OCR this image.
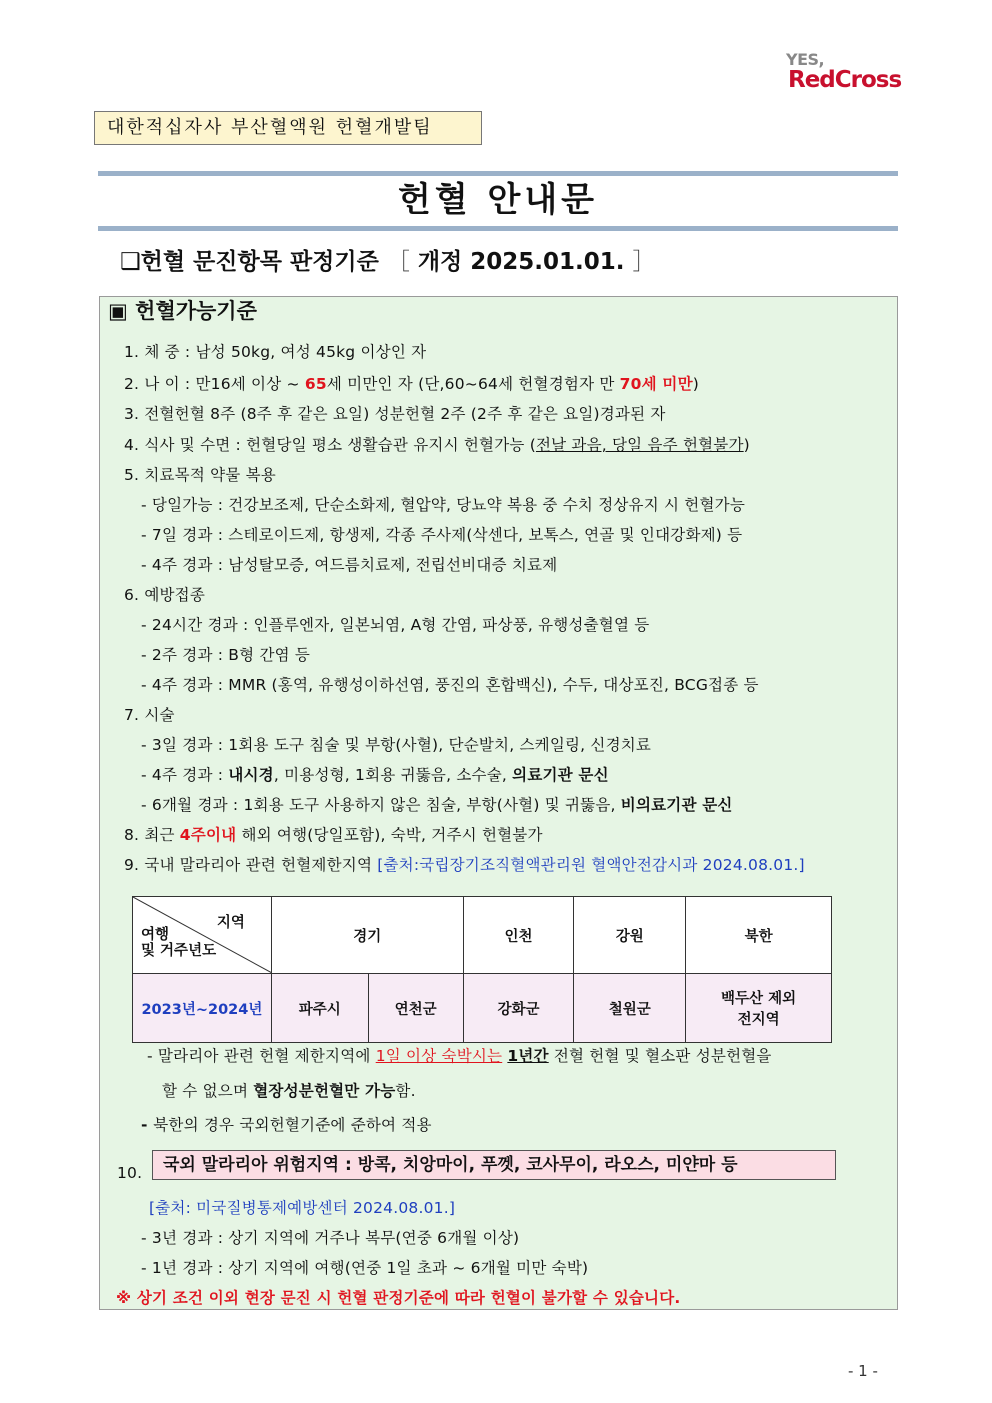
YES,
RedCross
대한적십자사 부산혈액원 헌혈개발팀
헌혈 안내문
❑헌혈 문진항목 판정기준 ［ 개정 2025.01.01. ］
▣ 헌혈가능기준
1. 체 중 : 남성 50kg, 여성 45kg 이상인 자
2. 나 이 : 만16세 이상 ~ 65세 미만인 자 (단,60~64세 헌혈경험자 만 70세 미만)
3. 전혈헌혈 8주 (8주 후 같은 요일) 성분헌혈 2주 (2주 후 같은 요일)경과된 자
4. 식사 및 수면 : 헌혈당일 평소 생활습관 유지시 헌혈가능 (전날 과음, 당일 음주 헌혈불가)
5. 치료목적 약물 복용
- 당일가능 : 건강보조제, 단순소화제, 혈압약, 당뇨약 복용 중 수치 정상유지 시 헌혈가능
- 7일 경과 : 스테로이드제, 항생제, 각종 주사제(삭센다, 보톡스, 연골 및 인대강화제) 등
- 4주 경과 : 남성탈모증, 여드름치료제, 전립선비대증 치료제
6. 예방접종
- 24시간 경과 : 인플루엔자, 일본뇌염, A형 간염, 파상풍, 유행성출혈열 등
- 2주 경과 : B형 간염 등
- 4주 경과 : MMR (홍역, 유행성이하선염, 풍진의 혼합백신), 수두, 대상포진, BCG접종 등
7. 시술
- 3일 경과 : 1회용 도구 침술 및 부항(사혈), 단순발치, 스케일링, 신경치료
- 4주 경과 : 내시경, 미용성형, 1회용 귀뚫음, 소수술, 의료기관 문신
- 6개월 경과 : 1회용 도구 사용하지 않은 침술, 부항(사혈) 및 귀뚫음, 비의료기관 문신
8. 최근 4주이내 해외 여행(당일포함), 숙박, 거주시 헌혈불가
9. 국내 말라리아 관련 헌혈제한지역 [출처:국립장기조직혈액관리원 혈액안전감시과 2024.08.01.]
지역
여행
및 거주년도	경기		인천	강원	북한
2023년~2024년	파주시	연천군	강화군	철원군	백두산 제외
전지역
- 말라리아 관련 헌혈 제한지역에 1일 이상 숙박시는 1년간 전혈 헌혈 및 혈소판 성분헌혈을
할 수 없으며 혈장성분헌혈만 가능함.
- 북한의 경우 국외헌혈기준에 준하여 적용
10.	국외 말라리아 위험지역 : 방콕, 치앙마이, 푸껫, 코사무이, 라오스, 미얀마 등
[출처: 미국질병통제예방센터 2024.08.01.]
- 3년 경과 : 상기 지역에 거주나 복무(연중 6개월 이상)
- 1년 경과 : 상기 지역에 여행(연중 1일 초과 ~ 6개월 미만 숙박)
※ 상기 조건 이외 현장 문진 시 헌혈 판정기준에 따라 헌혈이 불가할 수 있습니다.
- 1 -
